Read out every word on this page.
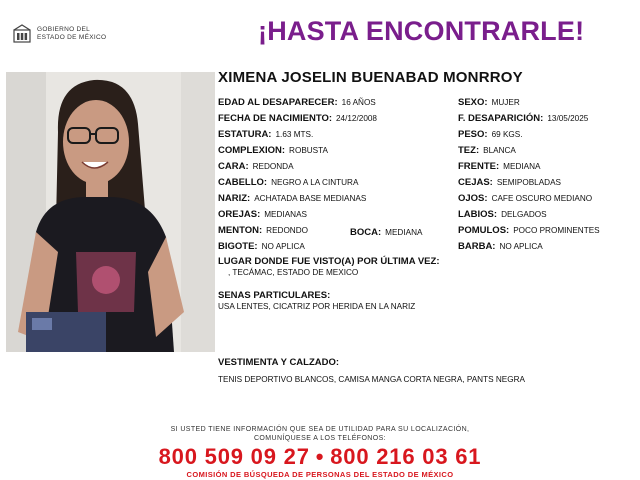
GOBIERNO DEL
ESTADO DE MÉXICO	¡HASTA ENCONTRARLE!
XIMENA JOSELIN BUENABAD MONRROY
EDAD AL DESAPARECER: 16 AÑOS
FECHA DE NACIMIENTO: 24/12/2008
ESTATURA: 1.63 MTS.
COMPLEXION: ROBUSTA
CARA: REDONDA
CABELLO: NEGRO A LA CINTURA
NARIZ: ACHATADA BASE MEDIANAS
OREJAS: MEDIANAS
MENTON: REDONDO
BIGOTE: NO APLICA
BOCA: MEDIANA
SEXO: MUJER
F. DESAPARICIÓN: 13/05/2025
PESO: 69 KGS.
TEZ: BLANCA
FRENTE: MEDIANA
CEJAS: SEMIPOBLADAS
OJOS: CAFE OSCURO MEDIANO
LABIOS: DELGADOS
POMULOS: POCO PROMINENTES
BARBA: NO APLICA
LUGAR DONDE FUE VISTO(A) POR ÚLTIMA VEZ:
, TECÁMAC, ESTADO DE MEXICO
SENAS PARTICULARES:
USA LENTES, CICATRIZ POR HERIDA EN LA NARIZ
VESTIMENTA Y CALZADO:
TENIS DEPORTIVO BLANCOS, CAMISA MANGA CORTA NEGRA, PANTS NEGRA
SI USTED TIENE INFORMACIÓN QUE SEA DE UTILIDAD PARA SU LOCALIZACIÓN,
COMUNÍQUESE A LOS TELÉFONOS:
800 509 09 27 • 800 216 03 61
COMISIÓN DE BÚSQUEDA DE PERSONAS DEL ESTADO DE MÉXICO
